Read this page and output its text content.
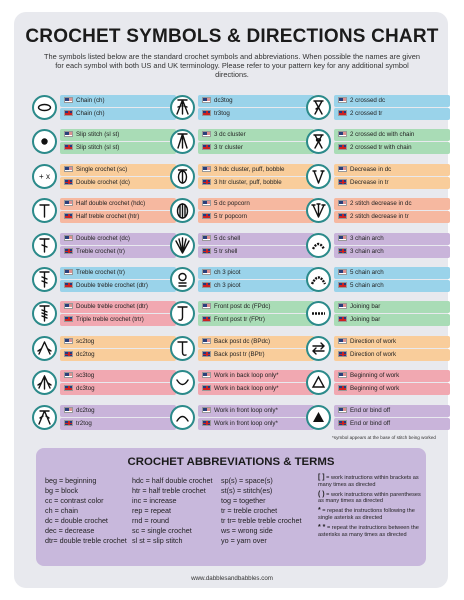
CROCHET SYMBOLS & DIRECTIONS CHART
The symbols listed below are the standard crochet symbols and abbreviations. When possible the names are given for each symbol with both US and UK terminology. Please refer to your pattern key for any additional symbol directions.
Chain (ch)
Chain (ch)
Slip stitch (sl st)
Slip stitch (sl st)
+ x
Single crochet (sc)
Double crochet (dc)
Half double crochet (hdc)
Half treble crochet (htr)
Double crochet (dc)
Treble crochet (tr)
Treble crochet (tr)
Double treble crochet (dtr)
Double treble crochet (dtr)
Triple treble crochet (trtr)
sc2tog
dc2tog
sc3tog
dc3tog
dc2tog
tr2tog
dc3tog
tr3tog
3 dc cluster
3 tr cluster
3 hdc cluster, puff, bobble
3 htr cluster, puff, bobble
5 dc popcorn
5 tr popcorn
5 dc shell
5 tr shell
ch 3 picot
ch 3 picot
Front post dc (FPdc)
Front post tr (FPtr)
Back post dc (BPdc)
Back post tr (BPtr)
Work in back loop only*
Work in back loop only*
Work in front loop only*
Work in front loop only*
2 crossed dc
2 crossed tr
2 crossed dc with chain
2 crossed tr with chain
Decrease in dc
Decrease in tr
2 stitch decrease in dc
2 stitch decrease in tr
3 chain arch
3 chain arch
5 chain arch
5 chain arch
Joining bar
Joining bar
Direction of work
Direction of work
Beginning of work
Beginning of work
End or bind off
End or bind off
*symbol appears at the base of stitch being worked
CROCHET ABBREVIATIONS & TERMS
beg = beginning
bg = block
cc = contrast color
ch = chain
dc = double crochet
dec = decrease
dtr= double treble crochet
hdc = half double crochet
htr = half treble crochet
inc = increase
rep = repeat
rnd = round
sc = single crochet
sl st = slip stitch
sp(s) = space(s)
st(s) = stitch(es)
tog = together
tr = treble crochet
tr tr= treble treble crochet
ws = wrong side
yo = yarn over
[ ] = work instructions within brackets as many times as directed
( ) = work instructions within parentheses as many times as directed
* = repeat the instructions following the single asterisk as directed
* * = repeat the instructions between the asterisks as many times as directed
www.dabblesandbabbles.com
